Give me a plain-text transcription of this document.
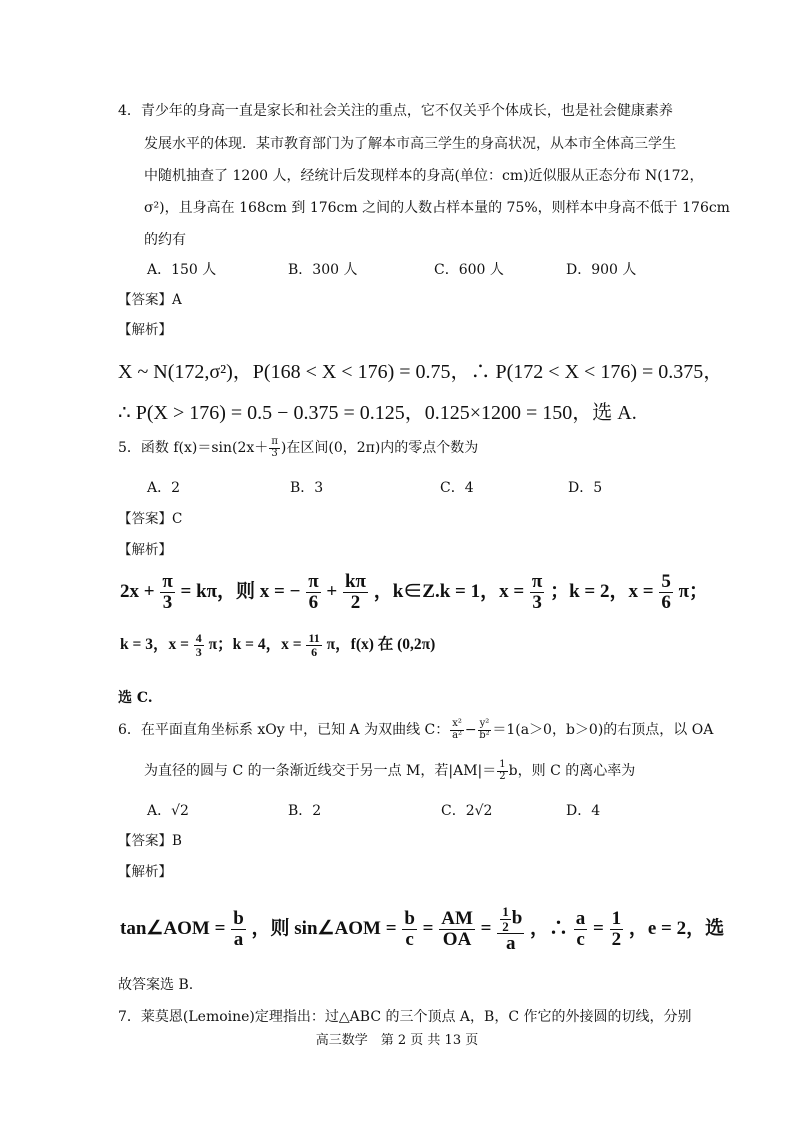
4．青少年的身高一直是家长和社会关注的重点，它不仅关乎个体成长，也是社会健康素养
发展水平的体现．某市教育部门为了解本市高三学生的身高状况，从本市全体高三学生
中随机抽查了 1200 人，经统计后发现样本的身高(单位：cm)近似服从正态分布 N(172，
σ²)，且身高在 168cm 到 176cm 之间的人数占样本量的 75%，则样本中身高不低于 176cm
的约有
A．150 人	B．300 人	C．600 人	D．900 人
【答案】A
【解析】
X ~ N(172,σ²)，P(168 < X < 176) = 0.75，∴ P(172 < X < 176) = 0.375，
∴ P(X > 176) = 0.5 − 0.375 = 0.125，0.125×1200 = 150，选 A.
5．函数 $f(x)=\sin(2x+ \frac{\pi}{3}$ )在区间(0，2π)内的零点个数为
A．2	B．3	C．4	D．5
【答案】C
【解析】
$2x + \frac{\pi}{3} = k\pi$，则 x = − $\frac{\pi}{6} + \frac{k\pi}{2}$ ，k∈Z.k = 1，$x = \frac{\pi}{3}$ ；k = 2，$x = \frac{5}{6}$ π；
k = 3，$x = \frac{4}{3}$ π；k = 4，$x = \frac{11}{6}$ π，f(x) 在 (0,2π)
选 C.
6．在平面直角坐标系 xOy 中，已知 A 为双曲线 C： $\frac{\text{x²}}{\text{a²}} - \frac{\text{y²}}{\text{b²}} =1(a>0$，b＞0)的右顶点，以 OA
为直径的圆与 C 的一条渐近线交于另一点 M，若$|AM|= \frac{1}{2}$ b，则 C 的离心率为
A．√2	B．2	C．2√2	D．4
【答案】B
【解析】
tan∠AOM = $\frac{b}{a}$ ，则 sin∠AOM = $\frac{b}{c} = \frac{AM}{OA} = \frac{\frac{1}{2} b}{a}$ ，∴ $\frac{a}{c} = \frac{1}{2}$ ，e = 2，选
故答案选 B.
7．莱莫恩(Lemoine)定理指出：过△ABC 的三个顶点 A，B，C 作它的外接圆的切线，分别
高三数学　第 2 页 共 13 页
